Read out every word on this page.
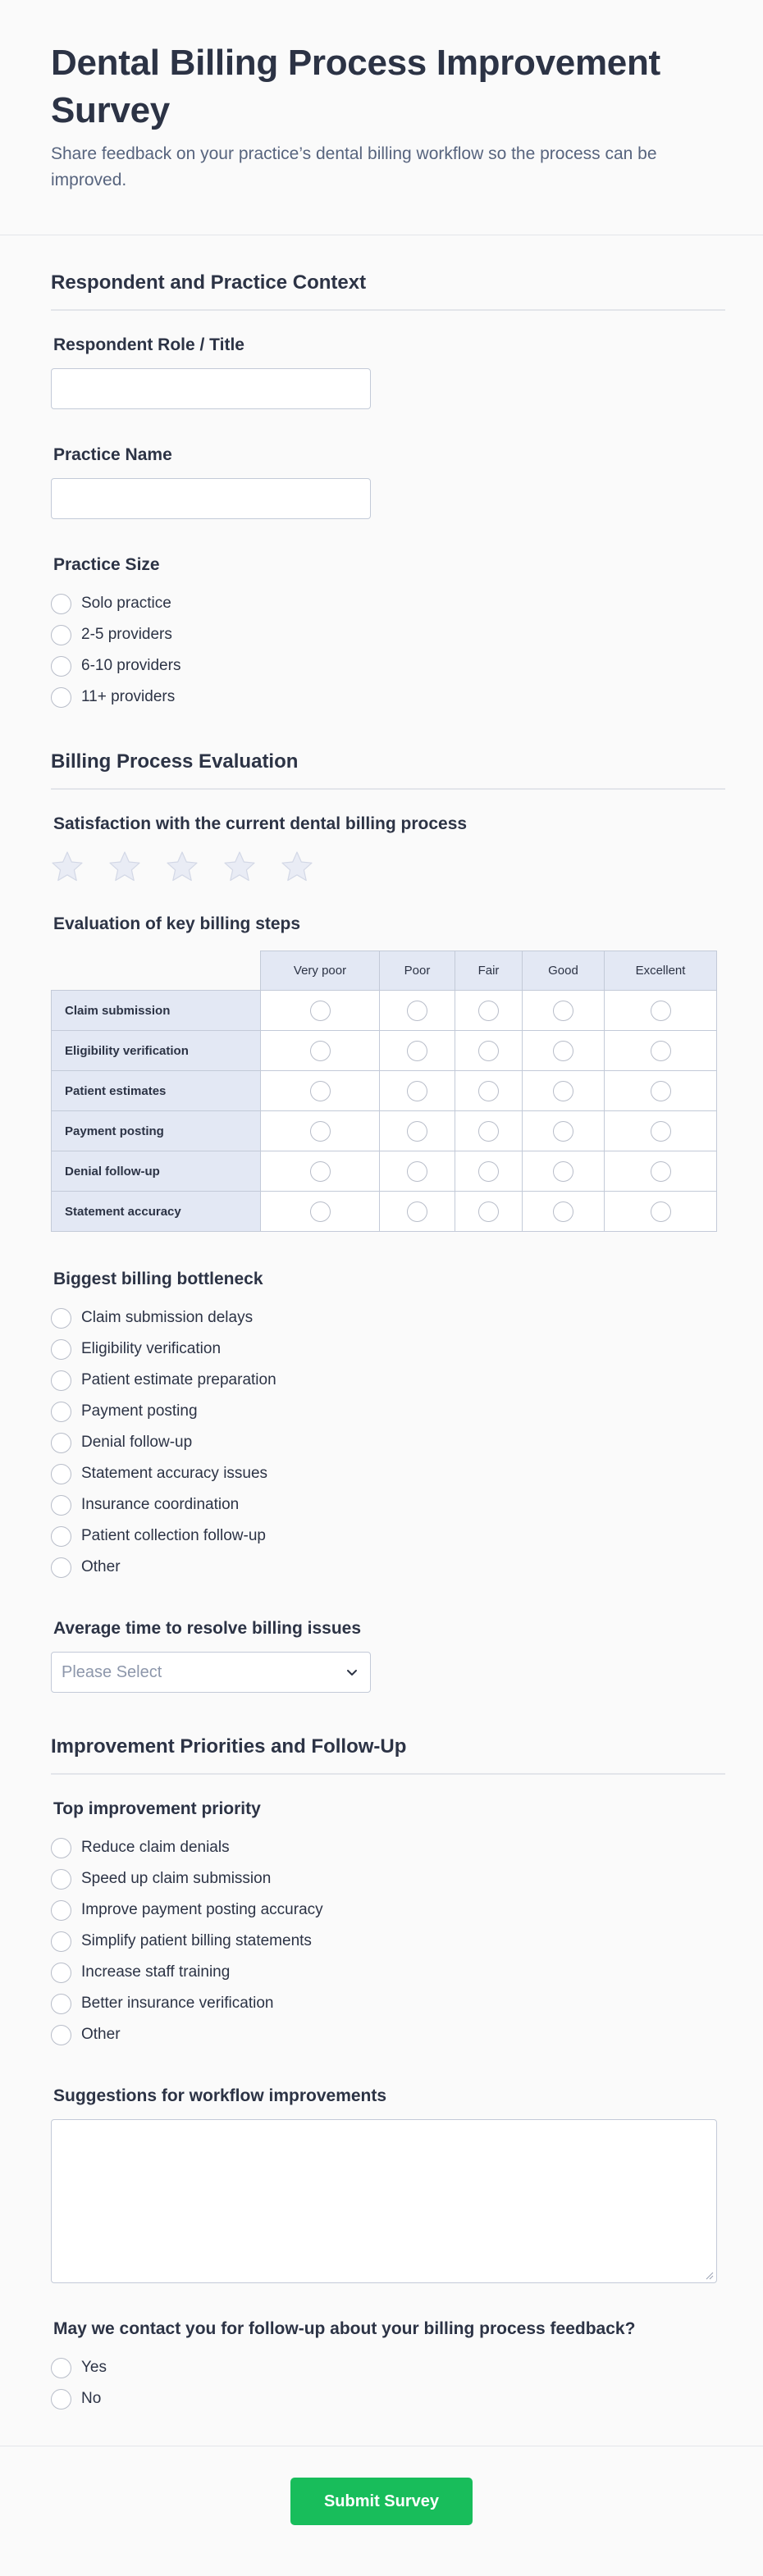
Dental Billing Process Improvement Survey

Share feedback on your practice’s dental billing workflow so the process can be improved.

Respondent and Practice Context
Respondent Role / Title
Practice Name
Practice Size
Solo practice
2-5 providers
6-10 providers
11+ providers
Billing Process Evaluation
Satisfaction with the current dental billing process
Evaluation of key billing steps
	Very poor	Poor	Fair	Good	Excellent
Claim submission					
Eligibility verification					
Patient estimates					
Payment posting					
Denial follow-up					
Statement accuracy					
Biggest billing bottleneck
Claim submission delays
Eligibility verification
Patient estimate preparation
Payment posting
Denial follow-up
Statement accuracy issues
Insurance coordination
Patient collection follow-up
Other
Average time to resolve billing issues
Please Select
Improvement Priorities and Follow-Up
Top improvement priority
Reduce claim denials
Speed up claim submission
Improve payment posting accuracy
Simplify patient billing statements
Increase staff training
Better insurance verification
Other
Suggestions for workflow improvements
May we contact you for follow-up about your billing process feedback?
Yes
No
Submit Survey
